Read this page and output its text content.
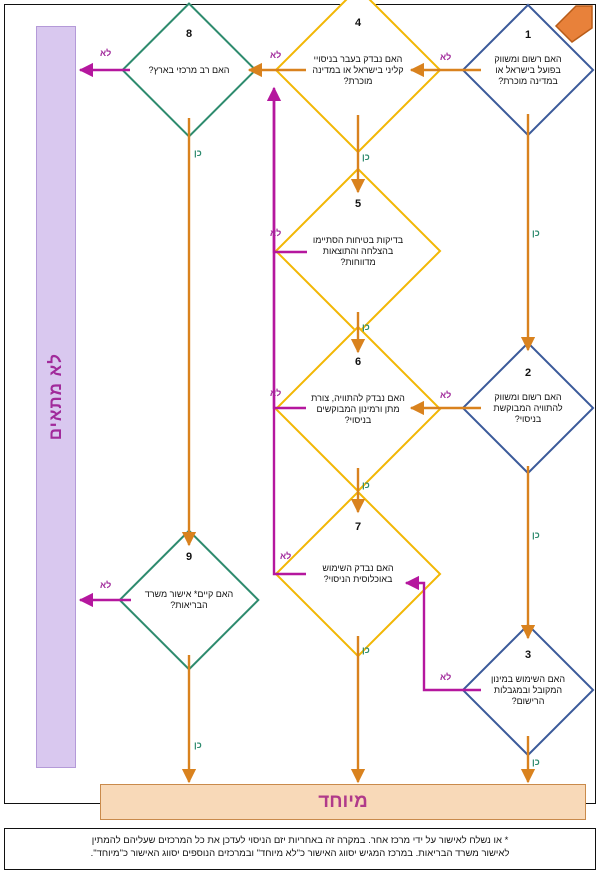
לא מתאים
1
האם רשום ומשווק בפועל בישראל או במדינה מוכרת?
2
האם רשום ומשווק להתוויה המבוקשת בניסוי?
3
האם השימוש במינון המקובל ובמגבלות הרישום?
4
האם נבדק בעבר בניסויי קליני בישראל או במדינה מוכרת?
5
בדיקות בטיחות הסתיימו בהצלחה והתוצאות מדווחות?
6
האם נבדק להתוויה, צורת מתן ורמינון המבוקשים בניסוי?
7
האם נבדק השימוש באוכלוסית הניסוי?
8
האם רב מרכזי בארץ?
9
האם קיים* אישור משרד הבריאות?
לא
לא
לא
לא
לא
לא
לא
לא
לא
כן
כן
כן
כן
כן
כן
כן
כן
כן
מיוחד
* או נשלח לאישור על ידי מרכז אחר. במקרה זה באחריות יזם הניסוי לעדכן את כל המרכזים שעליהם להמתין
לאישור משרד הבריאות. במרכז המגיש יסווג האישור כ"לא מיוחד" ובמרכזים הנוספים יסווג האישור כ"מיוחד".
